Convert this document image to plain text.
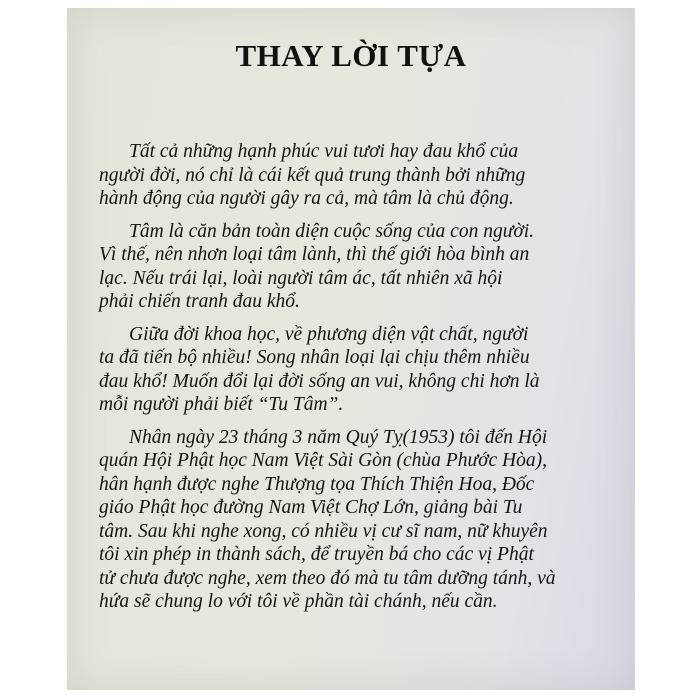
THAY LỜI TỰA

Tất cả những hạnh phúc vui tươi hay đau khổ của
người đời, nó chỉ là cái kết quả trung thành bởi những
hành động của người gây ra cả, mà tâm là chủ động.

Tâm là căn bản toàn diện cuộc sống của con người.
Vì thế, nên nhơn loại tâm lành, thì thế giới hòa bình an
lạc. Nếu trái lại, loài người tâm ác, tất nhiên xã hội
phải chiến tranh đau khổ.

Giữa đời khoa học, về phương diện vật chất, người
ta đã tiến bộ nhiều! Song nhân loại lại chịu thêm nhiều
đau khổ! Muốn đổi lại đời sống an vui, không chi hơn là
mỗi người phải biết “Tu Tâm”.

Nhân ngày 23 tháng 3 năm Quý Tỵ(1953) tôi đến Hội
quán Hội Phật học Nam Việt Sài Gòn (chùa Phước Hòa),
hân hạnh được nghe Thượng tọa Thích Thiện Hoa, Đốc
giáo Phật học đường Nam Việt Chợ Lớn, giảng bài Tu
tâm. Sau khi nghe xong, có nhiều vị cư sĩ nam, nữ khuyên
tôi xin phép in thành sách, để truyền bá cho các vị Phật
tử chưa được nghe, xem theo đó mà tu tâm dưỡng tánh, và
hứa sẽ chung lo với tôi về phần tài chánh, nếu cần.
